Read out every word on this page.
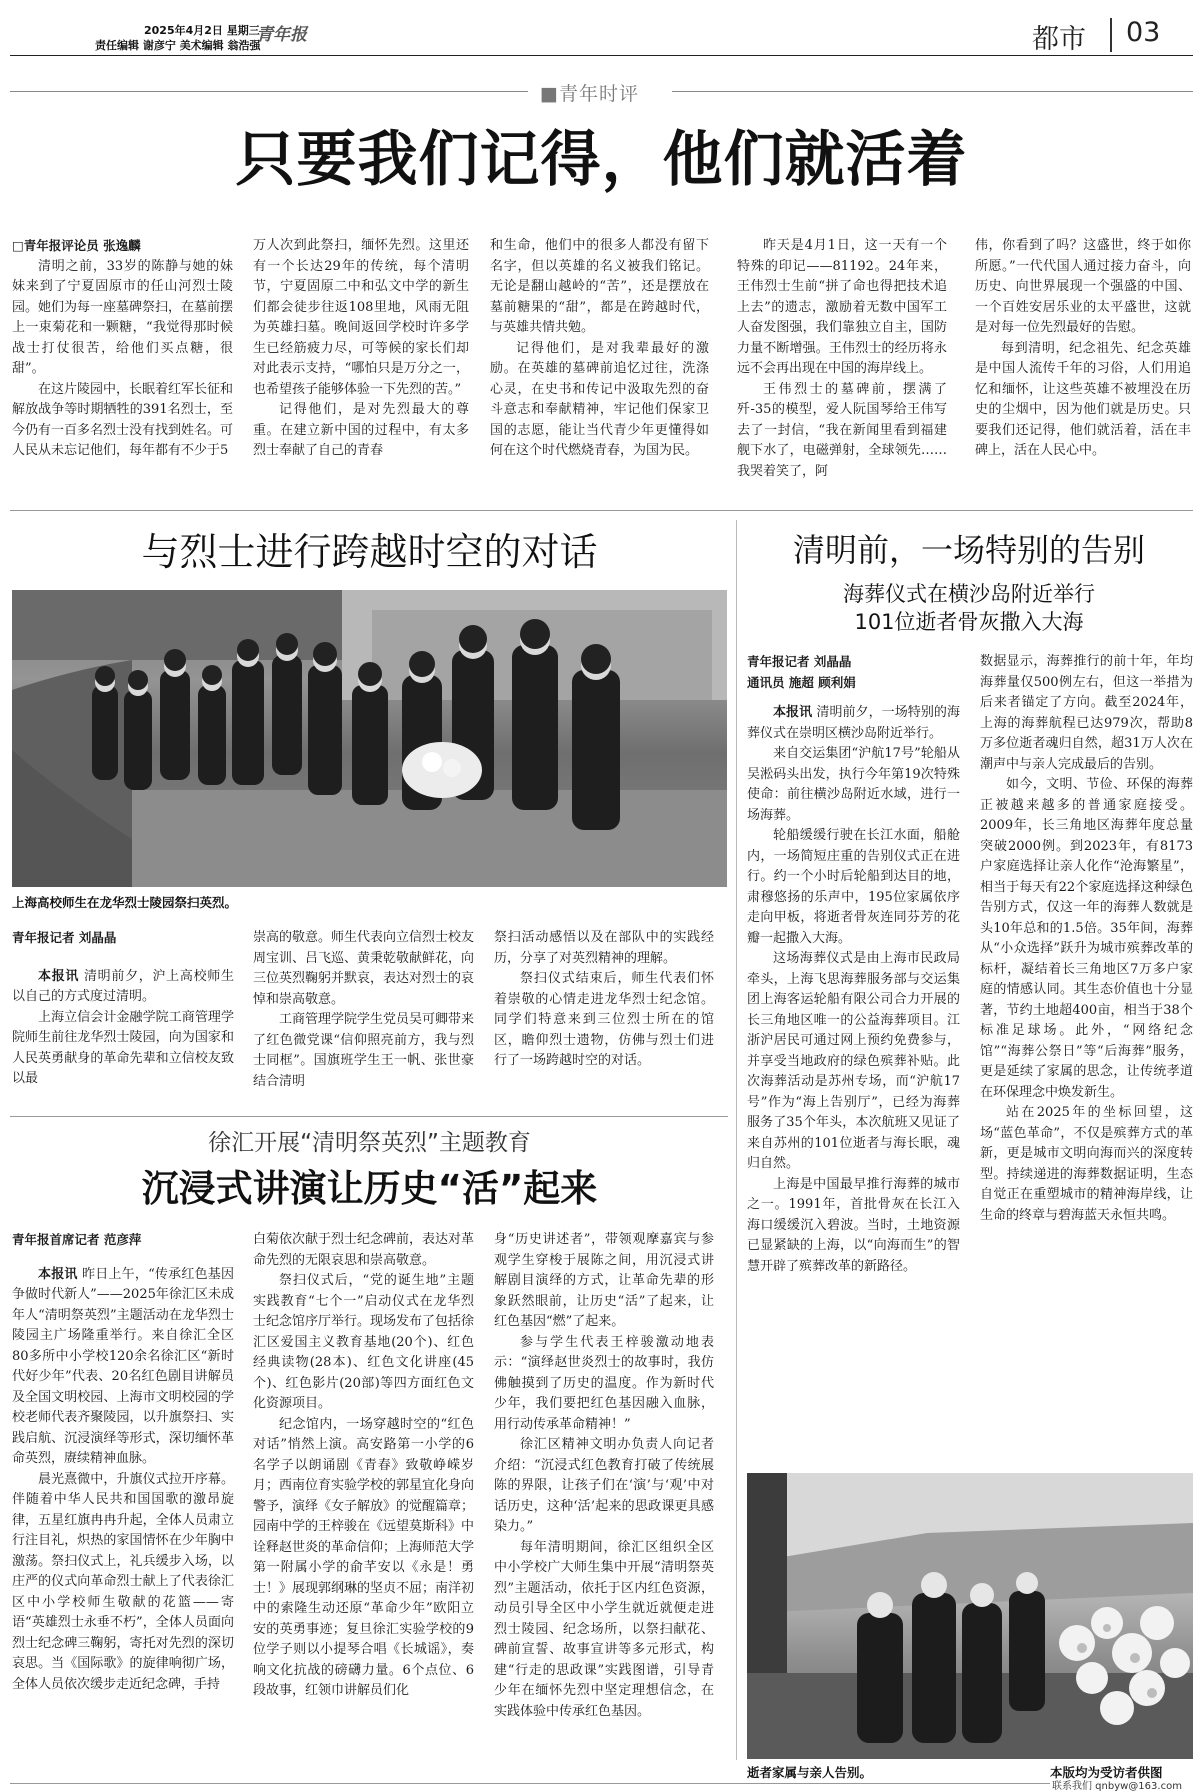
2025年4月2日 星期三
责任编辑 谢彦宁 美术编辑 翁浩强
青年报	都市 03
■青年时评
只要我们记得，他们就活着

□青年报评论员 张逸麟

清明之前，33岁的陈静与她的妹妹来到了宁夏固原市的任山河烈士陵园。她们为每一座墓碑祭扫，在墓前摆上一束菊花和一颗糖，“我觉得那时候战士打仗很苦，给他们买点糖，很甜”。

在这片陵园中，长眠着红军长征和解放战争等时期牺牲的391名烈士，至今仍有一百多名烈士没有找到姓名。可人民从未忘记他们，每年都有不少于5

万人次到此祭扫，缅怀先烈。这里还有一个长达29年的传统，每个清明节，宁夏固原二中和弘文中学的新生们都会徒步往返108里地，风雨无阻为英雄扫墓。晚间返回学校时许多学生已经筋疲力尽，可等候的家长们却对此表示支持，“哪怕只是万分之一，也希望孩子能够体验一下先烈的苦。”

记得他们，是对先烈最大的尊重。在建立新中国的过程中，有太多烈士奉献了自己的青春

和生命，他们中的很多人都没有留下名字，但以英雄的名义被我们铭记。无论是翻山越岭的“苦”，还是摆放在墓前糖果的“甜”，都是在跨越时代，与英雄共情共勉。

记得他们，是对我辈最好的激励。在英雄的墓碑前追忆过往，洗涤心灵，在史书和传记中汲取先烈的奋斗意志和奉献精神，牢记他们保家卫国的志愿，能让当代青少年更懂得如何在这个时代燃烧青春，为国为民。

昨天是4月1日，这一天有一个特殊的印记——81192。24年来，王伟烈士生前“拼了命也得把技术追上去”的遗志，激励着无数中国军工人奋发图强，我们靠独立自主，国防力量不断增强。王伟烈士的经历将永远不会再出现在中国的海岸线上。

王伟烈士的墓碑前，摆满了歼-35的模型，爱人阮国琴给王伟写去了一封信，“我在新闻里看到福建舰下水了，电磁弹射，全球领先……我哭着笑了，阿

伟，你看到了吗？这盛世，终于如你所愿。”一代代国人通过接力奋斗，向历史、向世界展现一个强盛的中国、一个百姓安居乐业的太平盛世，这就是对每一位先烈最好的告慰。

每到清明，纪念祖先、纪念英雄是中国人流传千年的习俗，人们用追忆和缅怀，让这些英雄不被埋没在历史的尘烟中，因为他们就是历史。只要我们还记得，他们就活着，活在丰碑上，活在人民心中。

与烈士进行跨越时空的对话
上海高校师生在龙华烈士陵园祭扫英烈。

青年报记者 刘晶晶

本报讯 清明前夕，沪上高校师生以自己的方式度过清明。

上海立信会计金融学院工商管理学院师生前往龙华烈士陵园，向为国家和人民英勇献身的革命先辈和立信校友致以最

崇高的敬意。师生代表向立信烈士校友周宝训、吕飞巡、黄秉乾敬献鲜花，向三位英烈鞠躬并默哀，表达对烈士的哀悼和崇高敬意。

工商管理学院学生党员吴可卿带来了红色微党课“信仰照亮前方，我与烈士同框”。国旗班学生王一帆、张世豪结合清明

祭扫活动感悟以及在部队中的实践经历，分享了对英烈精神的理解。

祭扫仪式结束后，师生代表们怀着崇敬的心情走进龙华烈士纪念馆。同学们特意来到三位烈士所在的馆区，瞻仰烈士遗物，仿佛与烈士们进行了一场跨越时空的对话。

徐汇开展“清明祭英烈”主题教育
沉浸式讲演让历史“活”起来

青年报首席记者 范彦萍

本报讯 昨日上午，“传承红色基因 争做时代新人”——2025年徐汇区未成年人“清明祭英烈”主题活动在龙华烈士陵园主广场隆重举行。来自徐汇全区80多所中小学校120余名徐汇区“新时代好少年”代表、20名红色剧目讲解员及全国文明校园、上海市文明校园的学校老师代表齐聚陵园，以升旗祭扫、实践启航、沉浸演绎等形式，深切缅怀革命英烈，赓续精神血脉。

晨光熹微中，升旗仪式拉开序幕。伴随着中华人民共和国国歌的激昂旋律，五星红旗冉冉升起，全体人员肃立行注目礼，炽热的家国情怀在少年胸中激荡。祭扫仪式上，礼兵缓步入场，以庄严的仪式向革命烈士献上了代表徐汇区中小学校师生敬献的花篮——寄语“英雄烈士永垂不朽”，全体人员面向烈士纪念碑三鞠躬，寄托对先烈的深切哀思。当《国际歌》的旋律响彻广场，全体人员依次缓步走近纪念碑，手持

白菊依次献于烈士纪念碑前，表达对革命先烈的无限哀思和崇高敬意。

祭扫仪式后，“党的诞生地”主题实践教育“七个一”启动仪式在龙华烈士纪念馆序厅举行。现场发布了包括徐汇区爱国主义教育基地(20个)、红色经典读物(28本)、红色文化讲座(45个)、红色影片(20部)等四方面红色文化资源项目。

纪念馆内，一场穿越时空的“红色对话”悄然上演。高安路第一小学的6名学子以朗诵剧《青春》致敬峥嵘岁月；西南位育实验学校的郭星宜化身向警予，演绎《女子解放》的觉醒篇章；园南中学的王梓骏在《远望莫斯科》中诠释赵世炎的革命信仰；上海师范大学第一附属小学的俞芊安以《永是！勇士！》展现郭纲琳的坚贞不屈；南洋初中的索隆生动还原“革命少年”欧阳立安的英勇事迹；复旦徐汇实验学校的9位学子则以小提琴合唱《长城谣》，奏响文化抗战的磅礴力量。6个点位、6段故事，红领巾讲解员们化

身“历史讲述者”，带领观摩嘉宾与参观学生穿梭于展陈之间，用沉浸式讲解剧目演绎的方式，让革命先辈的形象跃然眼前，让历史“活”了起来，让红色基因“燃”了起来。

参与学生代表王梓骏激动地表示：“演绎赵世炎烈士的故事时，我仿佛触摸到了历史的温度。作为新时代少年，我们要把红色基因融入血脉，用行动传承革命精神！”

徐汇区精神文明办负责人向记者介绍：“沉浸式红色教育打破了传统展陈的界限，让孩子们在‘演’与‘观’中对话历史，这种‘活’起来的思政课更具感染力。”

每年清明期间，徐汇区组织全区中小学校广大师生集中开展“清明祭英烈”主题活动，依托于区内红色资源，动员引导全区中小学生就近就便走进烈士陵园、纪念场所，以祭扫献花、碑前宣誓、故事宣讲等多元形式，构建“行走的思政课”实践图谱，引导青少年在缅怀先烈中坚定理想信念，在实践体验中传承红色基因。

清明前，一场特别的告别
海葬仪式在横沙岛附近举行
101位逝者骨灰撒入大海

青年报记者 刘晶晶

通讯员 施超 顾利娟

本报讯 清明前夕，一场特别的海葬仪式在崇明区横沙岛附近举行。

来自交运集团“沪航17号”轮船从吴淞码头出发，执行今年第19次特殊使命：前往横沙岛附近水域，进行一场海葬。

轮船缓缓行驶在长江水面，船舱内，一场简短庄重的告别仪式正在进行。约一个小时后轮船到达目的地，肃穆悠扬的乐声中，195位家属依序走向甲板，将逝者骨灰连同芬芳的花瓣一起撒入大海。

这场海葬仪式是由上海市民政局牵头，上海飞思海葬服务部与交运集团上海客运轮船有限公司合力开展的长三角地区唯一的公益海葬项目。江浙沪居民可通过网上预约免费参与，并享受当地政府的绿色殡葬补贴。此次海葬活动是苏州专场，而“沪航17号”作为“海上告别厅”，已经为海葬服务了35个年头，本次航班又见证了来自苏州的101位逝者与海长眠，魂归自然。

上海是中国最早推行海葬的城市之一。1991年，首批骨灰在长江入海口缓缓沉入碧波。当时，土地资源已显紧缺的上海，以“向海而生”的智慧开辟了殡葬改革的新路径。

数据显示，海葬推行的前十年，年均海葬量仅500例左右，但这一举措为后来者锚定了方向。截至2024年，上海的海葬航程已达979次，帮助8万多位逝者魂归自然，超31万人次在潮声中与亲人完成最后的告别。

如今，文明、节俭、环保的海葬正被越来越多的普通家庭接受。2009年，长三角地区海葬年度总量突破2000例。到2023年，有8173户家庭选择让亲人化作“沧海繁星”，相当于每天有22个家庭选择这种绿色告别方式，仅这一年的海葬人数就是头10年总和的1.5倍。35年间，海葬从“小众选择”跃升为城市殡葬改革的标杆，凝结着长三角地区7万多户家庭的情感认同。其生态价值也十分显著，节约土地超400亩，相当于38个标准足球场。此外，“网络纪念馆”“海葬公祭日”等“后海葬”服务，更是延续了家属的思念，让传统孝道在环保理念中焕发新生。

站在2025年的坐标回望，这场“蓝色革命”，不仅是殡葬方式的革新，更是城市文明向海而兴的深度转型。持续递进的海葬数据证明，生态自觉正在重塑城市的精神海岸线，让生命的终章与碧海蓝天永恒共鸣。

逝者家属与亲人告别。	本版均为受访者供图
联系我们 qnbyw@163.com
